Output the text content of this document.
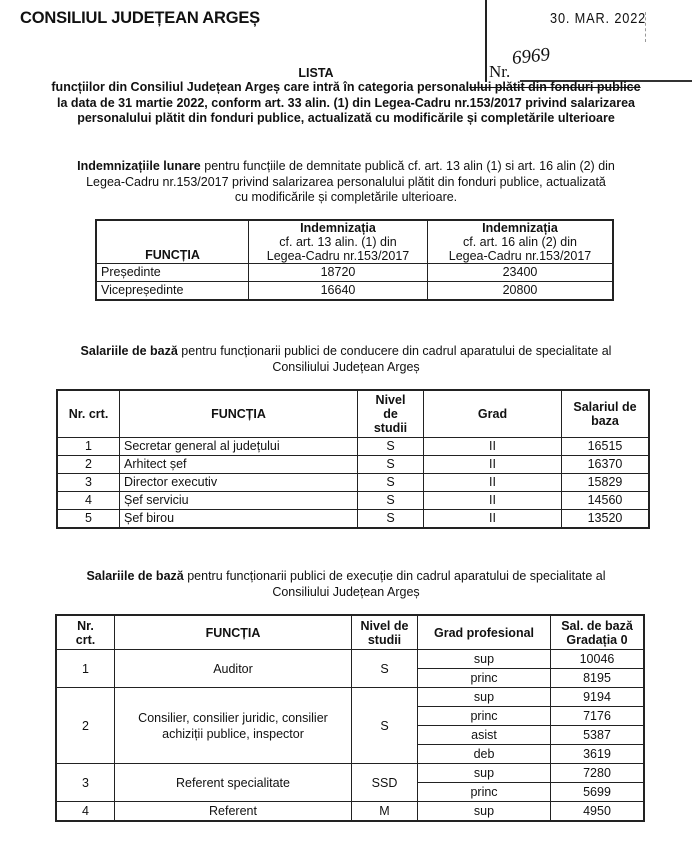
CONSILIUL JUDEȚEAN ARGEȘ	30. MAR. 2022
Nr.
6969
LISTA
funcțiilor din Consiliul Județean Argeș care intră în categoria personalului plătit din fonduri publice
la data de 31 martie 2022, conform art. 33 alin. (1) din Legea-Cadru nr.153/2017 privind salarizarea
personalului plătit din fonduri publice, actualizată cu modificările și completările ulterioare
Indemnizațiile lunare pentru funcțiile de demnitate publică cf. art. 13 alin (1) si art. 16 alin (2) din
Legea-Cadru nr.153/2017 privind salarizarea personalului plătit din fonduri publice, actualizată
cu modificările și completările ulterioare.
FUNCȚIA	
Indemnizația
cf. art. 13 alin. (1) din
Legea-Cadru nr.153/2017

Indemnizația
cf. art. 16 alin (2) din
Legea-Cadru nr.153/2017

Președinte	18720	23400
Vicepreședinte	16640	20800
Salariile de bază pentru funcționarii publici de conducere din cadrul aparatului de specialitate al
Consiliului Județean Argeș
Nr. crt.	FUNCȚIA	
Nivel
de
studii
	Grad	Salariul de
baza

1	Secretar general al județului	S	II	16515
2	Arhitect șef	S	II	16370
3	Director executiv	S	II	15829
4	Șef serviciu	S	II	14560
5	Șef birou	S	II	13520
Salariile de bază pentru funcționarii publici de execuție din cadrul aparatului de specialitate al
Consiliului Județean Argeș
Nr.
crt.	FUNCȚIA	Nivel de
studii	Grad profesional	Sal. de bază
Gradația 0

1	Auditor	S	sup	10046
			princ	8195
2	Consilier, consilier juridic, consilier
achiziții publice, inspector	S	sup	9194
			princ	7176
			asist	5387
			deb	3619
3	Referent specialitate	SSD	sup	7280
			princ	5699
4	Referent	M	sup	4950
